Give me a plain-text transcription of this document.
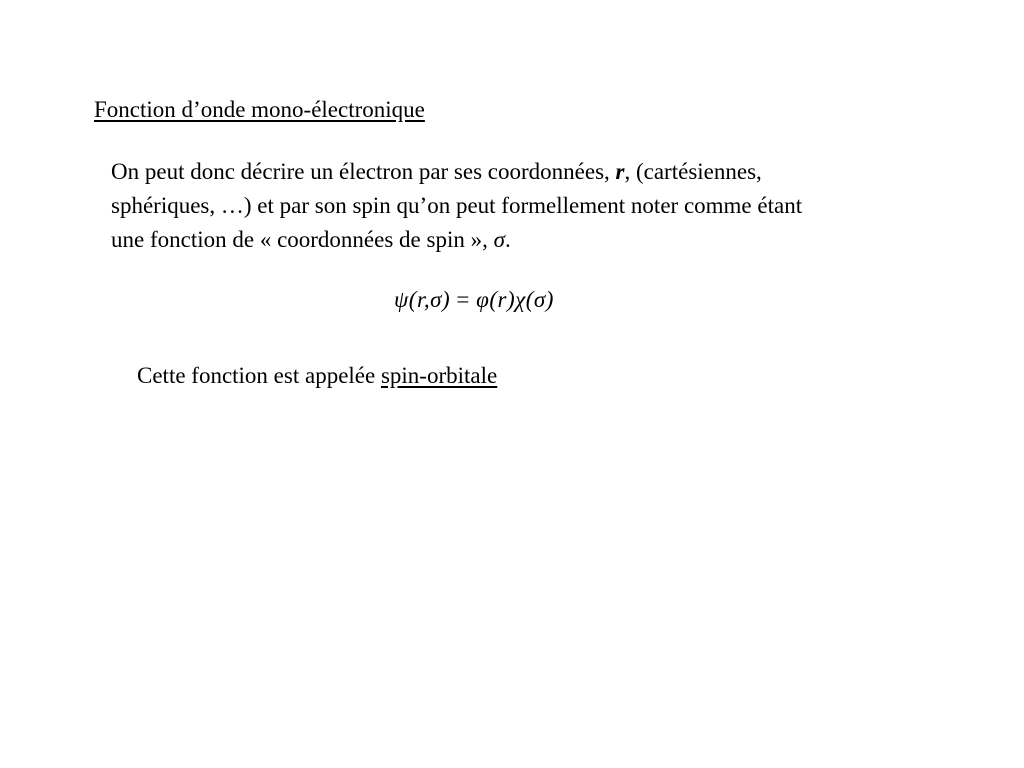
Fonction d’onde mono-électronique
On peut donc décrire un électron par ses coordonnées, r, (cartésiennes,
sphériques, …) et par son spin qu’on peut formellement noter comme étant
une fonction de « coordonnées de spin », σ.
ψ(r,σ) = φ(r)χ(σ)
Cette fonction est appelée spin-orbitale
